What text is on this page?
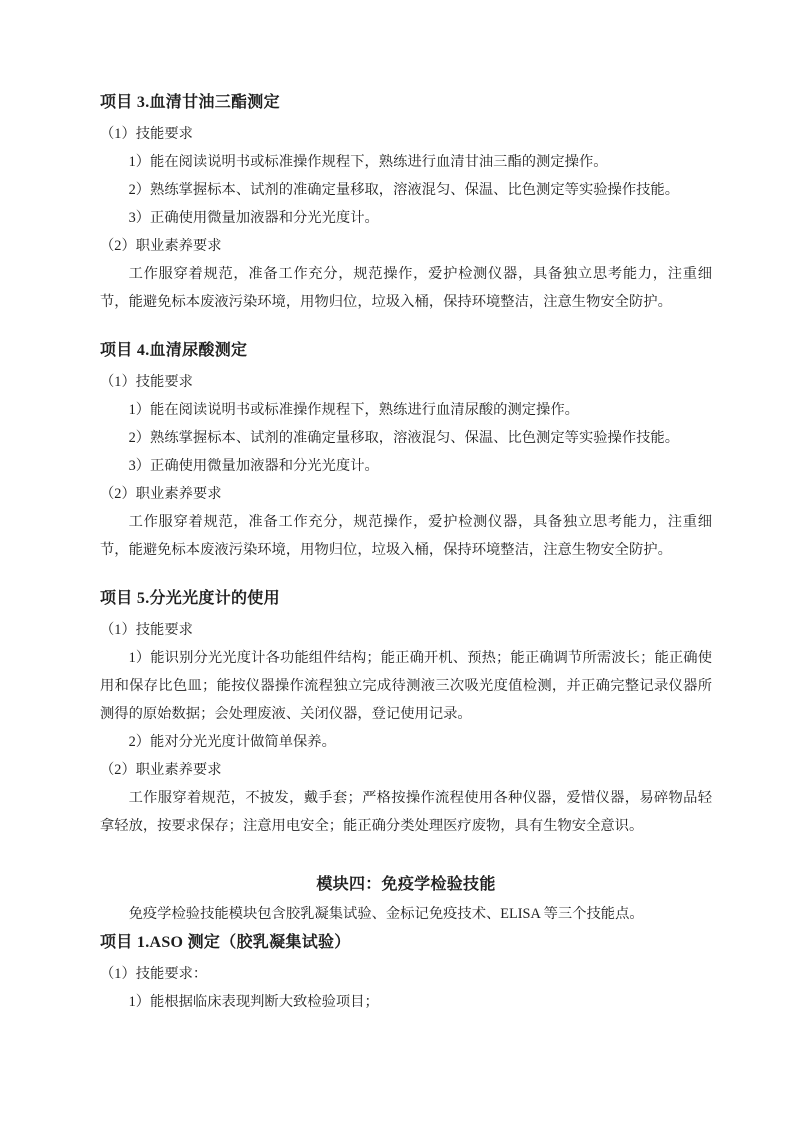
项目 3.血清甘油三酯测定

（1）技能要求

1）能在阅读说明书或标准操作规程下，熟练进行血清甘油三酯的测定操作。

2）熟练掌握标本、试剂的准确定量移取，溶液混匀、保温、比色测定等实验操作技能。

3）正确使用微量加液器和分光光度计。

（2）职业素养要求

工作服穿着规范，准备工作充分，规范操作，爱护检测仪器，具备独立思考能力，注重细节，能避免标本废液污染环境，用物归位，垃圾入桶，保持环境整洁，注意生物安全防护。

项目 4.血清尿酸测定

（1）技能要求

1）能在阅读说明书或标准操作规程下，熟练进行血清尿酸的测定操作。

2）熟练掌握标本、试剂的准确定量移取，溶液混匀、保温、比色测定等实验操作技能。

3）正确使用微量加液器和分光光度计。

（2）职业素养要求

工作服穿着规范，准备工作充分，规范操作，爱护检测仪器，具备独立思考能力，注重细节，能避免标本废液污染环境，用物归位，垃圾入桶，保持环境整洁，注意生物安全防护。

项目 5.分光光度计的使用

（1）技能要求

1）能识别分光光度计各功能组件结构；能正确开机、预热；能正确调节所需波长；能正确使用和保存比色皿；能按仪器操作流程独立完成待测液三次吸光度值检测，并正确完整记录仪器所测得的原始数据；会处理废液、关闭仪器，登记使用记录。

2）能对分光光度计做简单保养。

（2）职业素养要求

工作服穿着规范，不披发，戴手套；严格按操作流程使用各种仪器，爱惜仪器，易碎物品轻拿轻放，按要求保存；注意用电安全；能正确分类处理医疗废物，具有生物安全意识。

模块四：免疫学检验技能

免疫学检验技能模块包含胶乳凝集试验、金标记免疫技术、ELISA 等三个技能点。

项目 1.ASO 测定（胶乳凝集试验）

（1）技能要求：

1）能根据临床表现判断大致检验项目；
